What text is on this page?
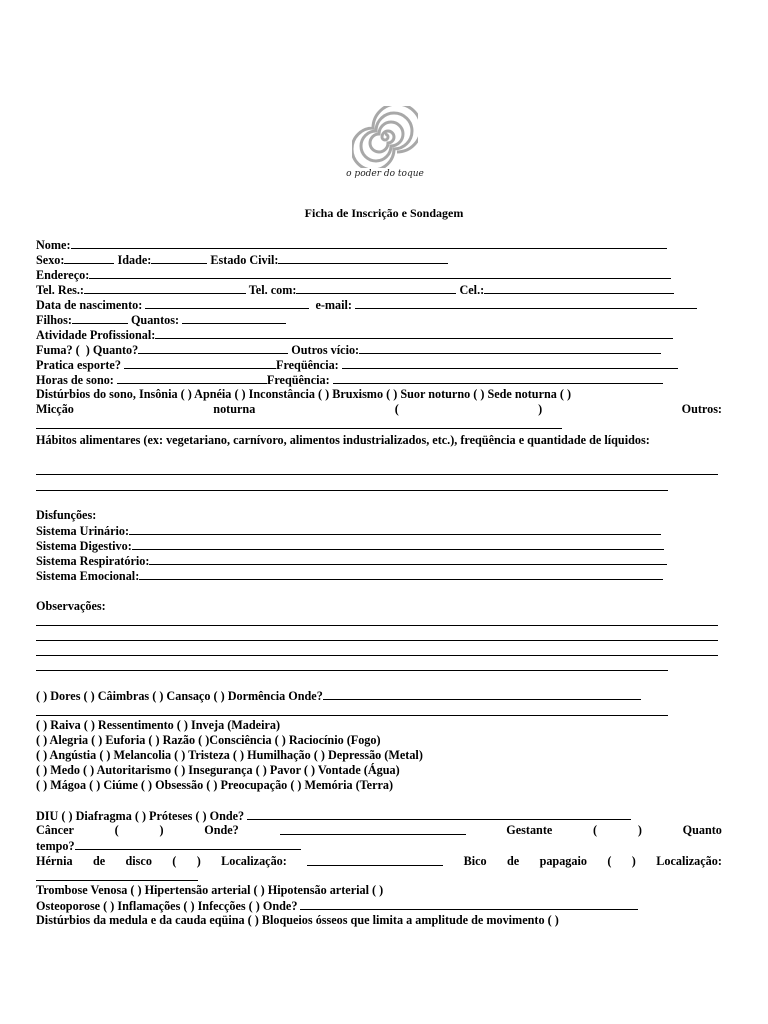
o poder do toque
Ficha de Inscrição e Sondagem
Nome:
Sexo:	Idade:	Estado Civil:
Endereço:
Tel. Res.:	Tel. com:	Cel.:
Data de nascimento:	e-mail:
Filhos:	Quantos:
Atividade Profissional:
Fuma? ( ) Quanto?	Outros vício:
Pratica esporte?	Freqüência:
Horas de sono:	Freqüência:
Distúrbios do sono, Insônia ( ) Apnéia ( ) Inconstância ( ) Bruxismo ( ) Suor noturno ( ) Sede noturna ( )
Micção	noturna	(	)	Outros:
Hábitos alimentares (ex: vegetariano, carnívoro, alimentos industrializados, etc.), freqüência e quantidade de líquidos:
Disfunções:
Sistema Urinário:
Sistema Digestivo:
Sistema Respiratório:
Sistema Emocional:
Observações:
( ) Dores ( ) Câimbras ( ) Cansaço ( ) Dormência Onde?
( ) Raiva ( ) Ressentimento ( ) Inveja (Madeira)
( ) Alegria ( ) Euforia ( ) Razão ( )Consciência ( ) Raciocínio (Fogo)
( ) Angústia ( ) Melancolia ( ) Tristeza ( ) Humilhação ( ) Depressão (Metal)
( ) Medo ( ) Autoritarismo ( ) Insegurança ( ) Pavor ( ) Vontade (Água)
( ) Mágoa ( ) Ciúme ( ) Obsessão ( ) Preocupação ( ) Memória (Terra)
DIU ( ) Diafragma ( ) Próteses ( ) Onde?
Câncer	(	)	Onde?	Gestante	(	)	Quanto
tempo?
Hérnia de disco ( ) Localização:	Bico de papagaio ( ) Localização:
Trombose Venosa ( ) Hipertensão arterial ( ) Hipotensão arterial ( )
Osteoporose ( ) Inflamações ( ) Infecções ( ) Onde?
Distúrbios da medula e da cauda eqüina ( ) Bloqueios ósseos que limita a amplitude de movimento ( )
